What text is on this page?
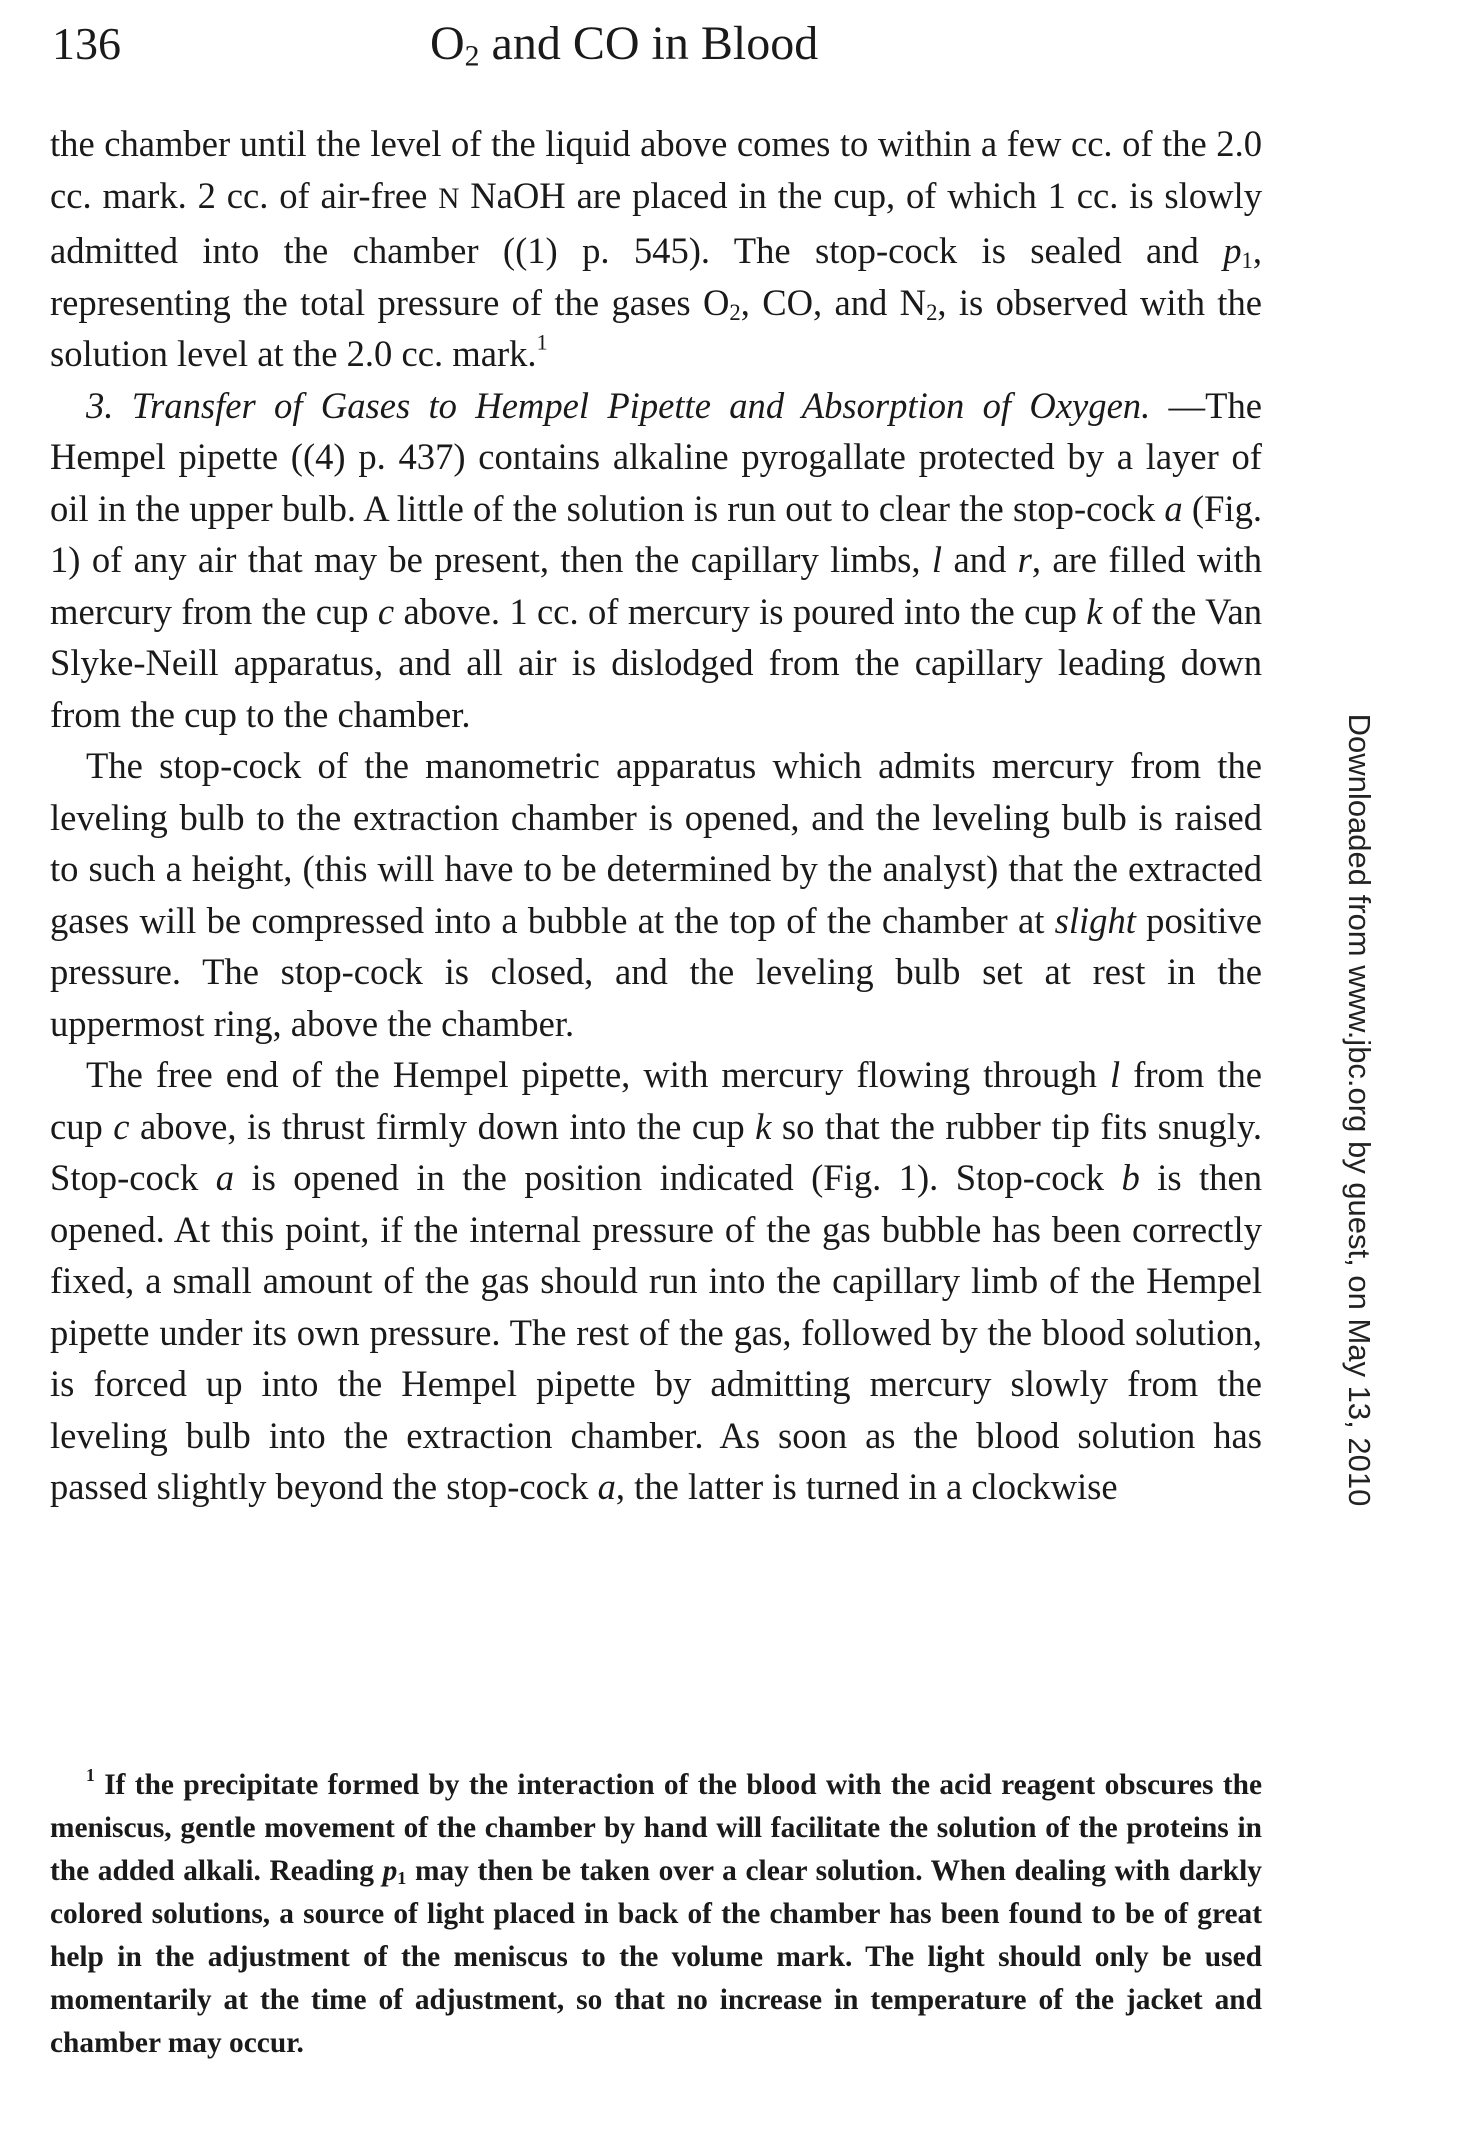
136	$O_2$ and CO in Blood

the chamber until the level of the liquid above comes to within a few cc. of the 2.0 cc. mark. 2 cc. of air-free N NaOH are placed in the cup, of which 1 cc. is slowly admitted into the chamber ((1) p. 545). The stop-cock is sealed and $p_1$, representing the total pressure of the gases $O_2$, CO, and $N_2$, is observed with the solution level at the 2.0 cc. mark.$^1$

3. Transfer of Gases to Hempel Pipette and Absorption of Oxygen. —The Hempel pipette ((4) p. 437) contains alkaline pyrogallate protected by a layer of oil in the upper bulb. A little of the solution is run out to clear the stop-cock a (Fig. 1) of any air that may be present, then the capillary limbs, l and r, are filled with mercury from the cup c above. 1 cc. of mercury is poured into the cup k of the Van Slyke-Neill apparatus, and all air is dislodged from the capillary leading down from the cup to the chamber.

The stop-cock of the manometric apparatus which admits mercury from the leveling bulb to the extraction chamber is opened, and the leveling bulb is raised to such a height, (this will have to be determined by the analyst) that the extracted gases will be compressed into a bubble at the top of the chamber at slight positive pressure. The stop-cock is closed, and the leveling bulb set at rest in the uppermost ring, above the chamber.

The free end of the Hempel pipette, with mercury flowing through l from the cup c above, is thrust firmly down into the cup k so that the rubber tip fits snugly. Stop-cock a is opened in the position indicated (Fig. 1). Stop-cock b is then opened. At this point, if the internal pressure of the gas bubble has been correctly fixed, a small amount of the gas should run into the capillary limb of the Hempel pipette under its own pressure. The rest of the gas, followed by the blood solution, is forced up into the Hempel pipette by admitting mercury slowly from the leveling bulb into the extraction chamber. As soon as the blood solution has passed slightly beyond the stop-cock a, the latter is turned in a clockwise

$^1$ If the precipitate formed by the interaction of the blood with the acid reagent obscures the meniscus, gentle movement of the chamber by hand will facilitate the solution of the proteins in the added alkali. Reading $p_1$ may then be taken over a clear solution. When dealing with darkly colored solutions, a source of light placed in back of the chamber has been found to be of great help in the adjustment of the meniscus to the volume mark. The light should only be used momentarily at the time of adjustment, so that no increase in temperature of the jacket and chamber may occur.

Downloaded from www.jbc.org by guest, on May 13, 2010
